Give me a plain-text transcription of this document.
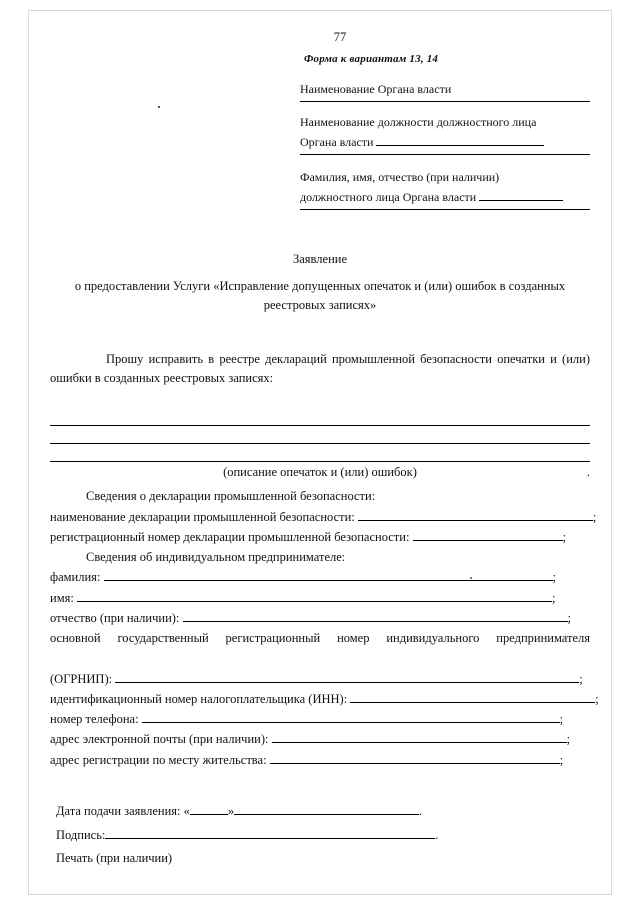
77
Форма к вариантам 13, 14
Наименование Органа власти
Наименование должности должностного лица
Органа власти
Фамилия, имя, отчество (при наличии)
должностного лица Органа власти
Заявление
о предоставлении Услуги «Исправление допущенных опечаток и (или) ошибок в созданных реестровых записях»
Прошу исправить в реестре деклараций промышленной безопасности опечатки и (или) ошибки в созданных реестровых записях:
(описание опечаток и (или) ошибок)	.
Сведения о декларации промышленной безопасности:
наименование декларации промышленной безопасности:	;
регистрационный номер декларации промышленной безопасности:	;
Сведения об индивидуальном предпринимателе:
фамилия:	;
имя:	;
отчество (при наличии):	;
основной государственный регистрационный номер индивидуального предпринимателя
(ОГРНИП):	;
идентификационный номер налогоплательщика (ИНН):	;
номер телефона:	;
адрес электронной почты (при наличии):	;
адрес регистрации по месту жительства:	;
Дата подачи заявления: «	»	.
Подпись:	.
Печать (при наличии)
